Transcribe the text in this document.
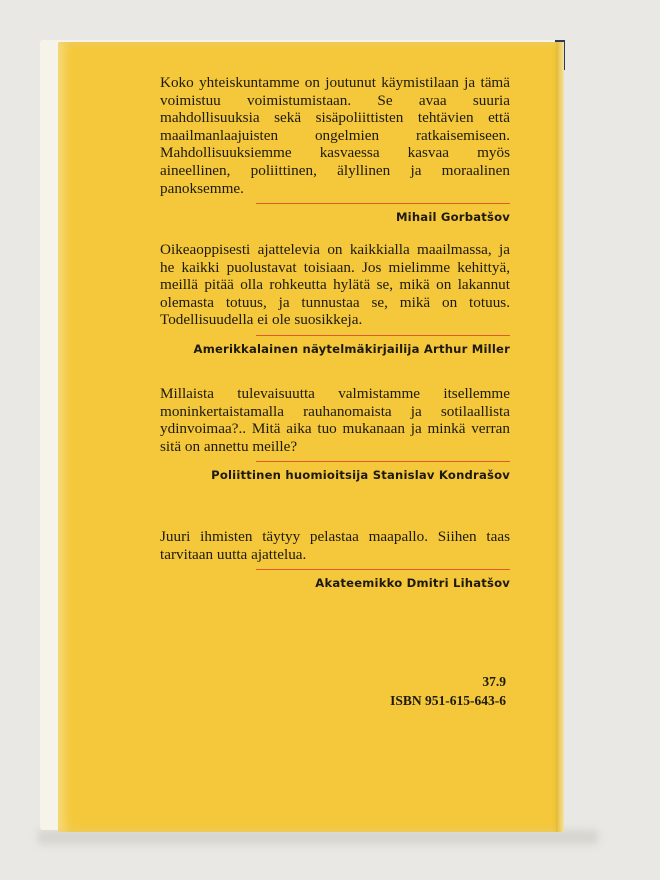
Koko yhteiskuntamme on joutunut käymistilaan ja tämä voimistuu voimistumistaan. Se avaa suuria mahdollisuuksia sekä sisäpoliittisten tehtävien että maailmanlaajuisten ongelmien ratkaisemiseen. Mahdollisuuksiemme kasvaessa kasvaa myös aineellinen, poliittinen, älyllinen ja moraalinen panoksemme.

Mihail Gorbatšov

Oikeaoppisesti ajattelevia on kaikkialla maailmassa, ja he kaikki puolustavat toisiaan. Jos mielimme kehittyä, meillä pitää olla rohkeutta hylätä se, mikä on lakannut olemasta totuus, ja tunnustaa se, mikä on totuus. Todellisuudella ei ole suosikkeja.

Amerikkalainen näytelmäkirjailija Arthur Miller

Millaista tulevaisuutta valmistamme itsellemme moninkertaistamalla rauhanomaista ja sotilaallista ydinvoimaa?.. Mitä aika tuo mukanaan ja minkä verran sitä on annettu meille?

Poliittinen huomioitsija Stanislav Kondrašov

Juuri ihmisten täytyy pelastaa maapallo. Siihen taas tarvitaan uutta ajattelua.

Akateemikko Dmitri Lihatšov
37.9
ISBN 951-615-643-6
